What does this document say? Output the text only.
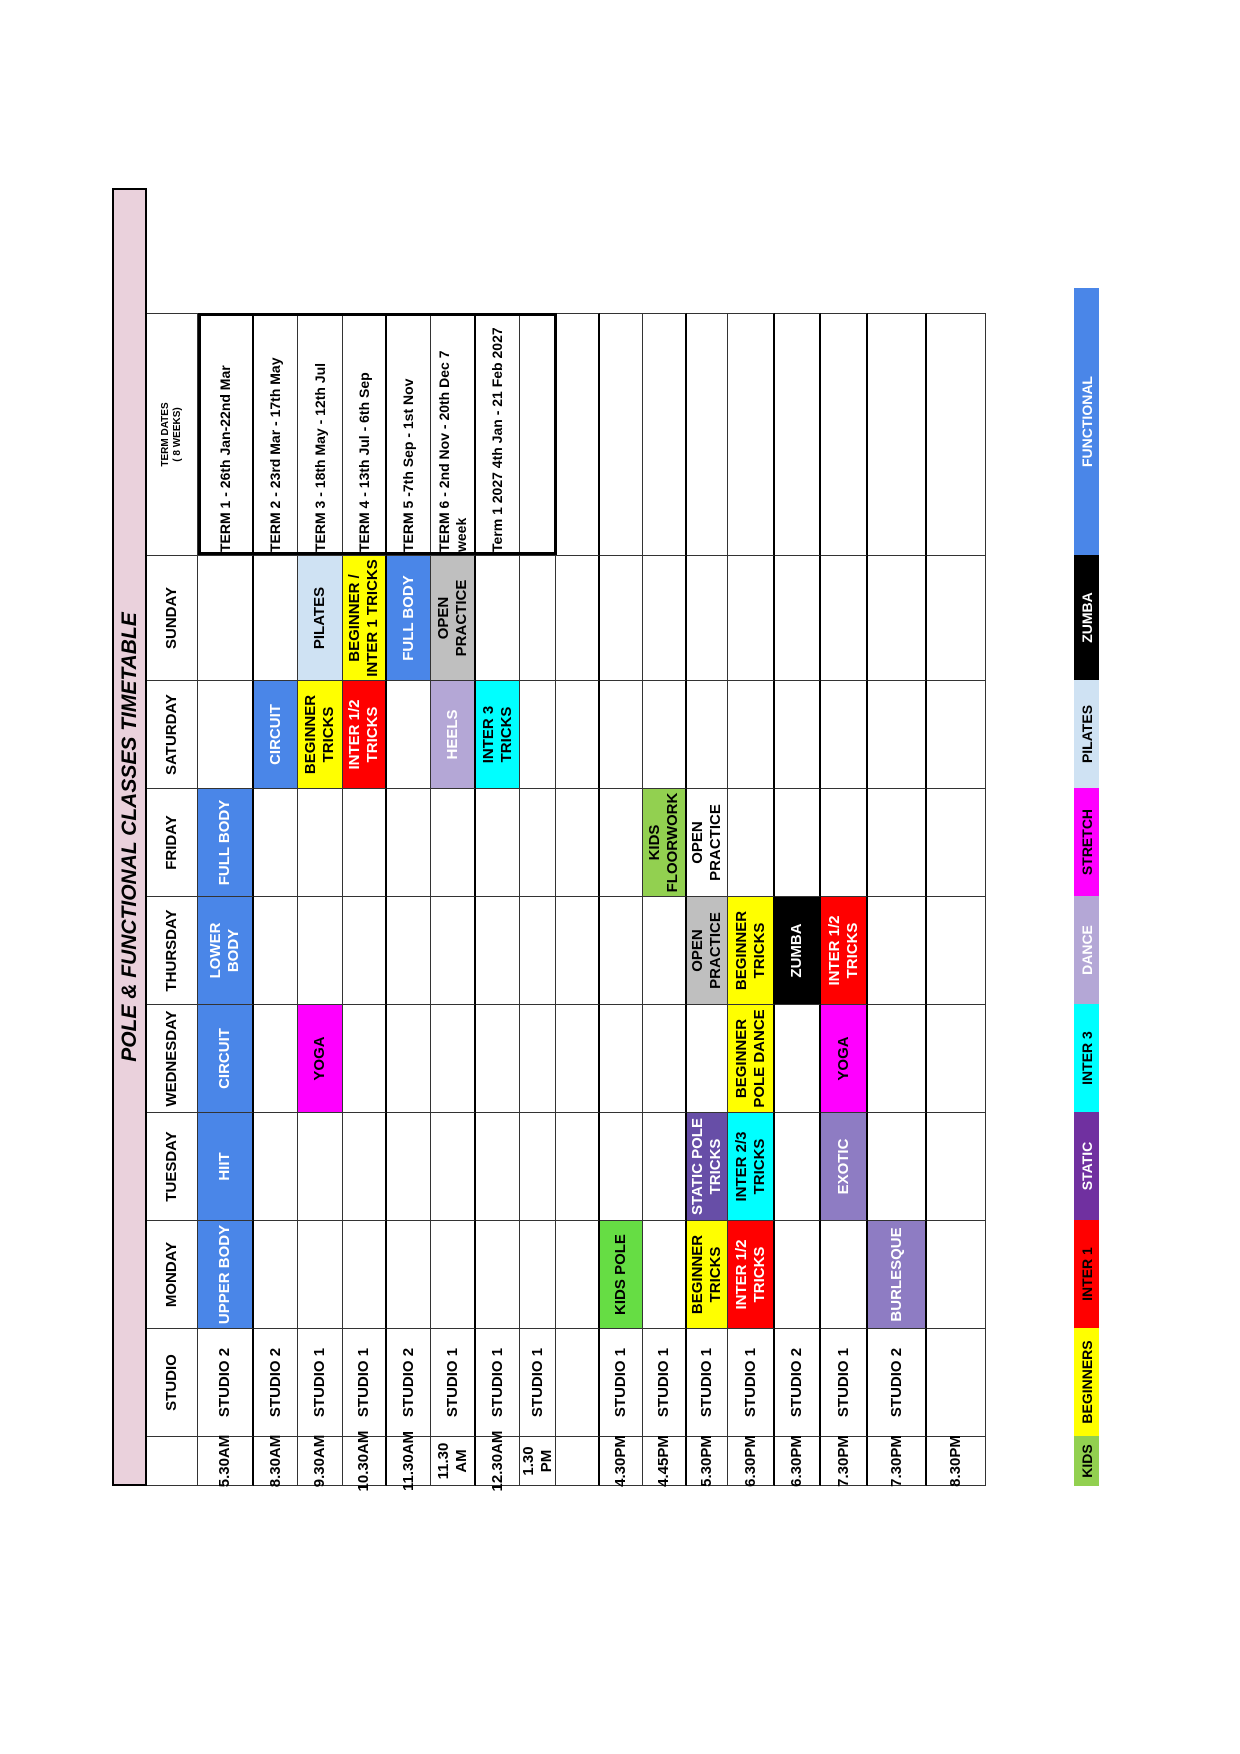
POLE & FUNCTIONAL CLASSES TIMETABLE
STUDIO
MONDAY
TUESDAY
WEDNESDAY
THURSDAY
FRIDAY
SATURDAY
SUNDAY
TERM DATES ( 8 WEEKS)
5.30AM
STUDIO 2
UPPER BODY
HIIT
CIRCUIT
LOWER BODY
FULL BODY
TERM 1 - 26th Jan-22nd Mar
8.30AM
STUDIO 2
CIRCUIT
TERM 2 - 23rd Mar - 17th May
9.30AM
STUDIO 1
YOGA
BEGINNER TRICKS
PILATES
TERM 3 - 18th May - 12th Jul
10.30AM
STUDIO 1
INTER 1/2 TRICKS
BEGINNER / INTER 1 TRICKS
TERM 4 - 13th Jul - 6th Sep
11.30AM
STUDIO 2
FULL BODY
TERM 5 -7th Sep - 1st Nov
11.30 AM
STUDIO 1
HEELS
OPEN PRACTICE
TERM 6 - 2nd Nov - 20th Dec 7 week
12.30AM
STUDIO 1
INTER 3 TRICKS
Term 1 2027 4th Jan - 21 Feb 2027
1.30 PM
STUDIO 1
4.30PM
STUDIO 1
KIDS POLE
4.45PM
STUDIO 1
KIDS FLOORWORK
5.30PM
STUDIO 1
BEGINNER TRICKS
STATIC POLE TRICKS
OPEN PRACTICE
OPEN PRACTICE
6.30PM
STUDIO 1
INTER 1/2 TRICKS
INTER 2/3 TRICKS
BEGINNER POLE DANCE
BEGINNER TRICKS
6.30PM
STUDIO 2
ZUMBA
7.30PM
STUDIO 1
EXOTIC
YOGA
INTER 1/2 TRICKS
7.30PM
STUDIO 2
BURLESQUE
8.30PM	KIDS
BEGINNERS
INTER 1
STATIC
INTER 3
DANCE
STRETCH
PILATES
ZUMBA
FUNCTIONAL
